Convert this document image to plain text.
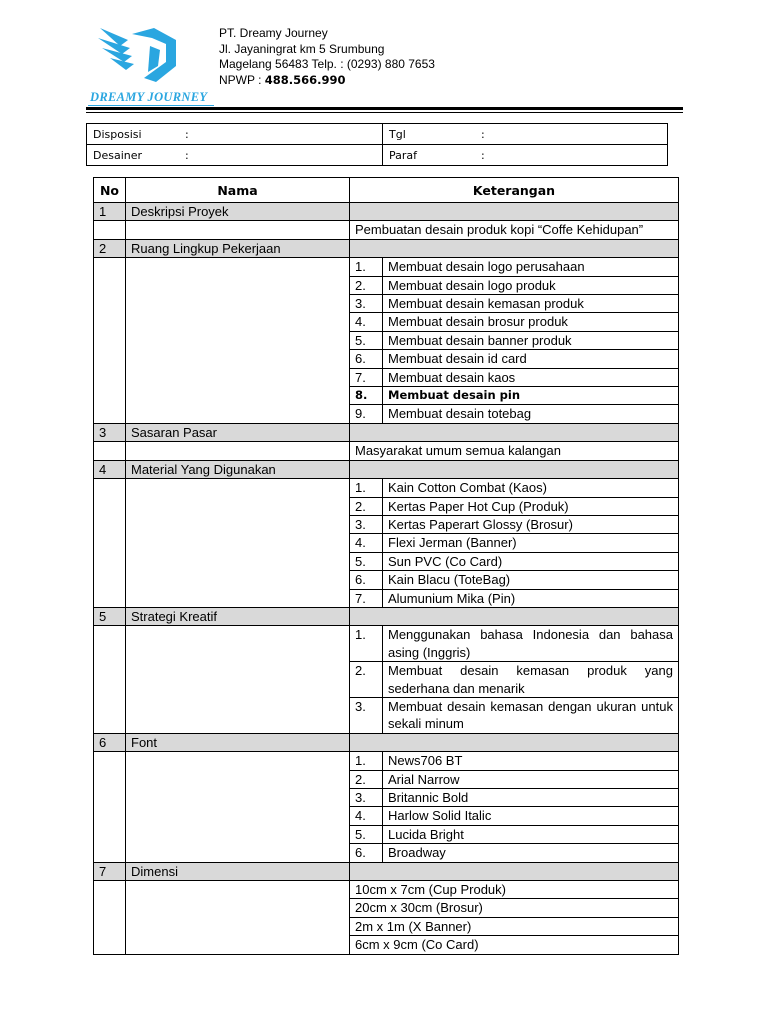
DREAMY JOURNEY
PT. Dreamy Journey
Jl. Jayaningrat km 5 Srumbung
Magelang 56483 Telp. : (0293) 880 7653
NPWP : 488.566.990
Disposisi :	Tgl :
Desainer :	Paraf :
No	Nama	Keterangan	
1	Deskripsi Proyek		
		Pembuatan desain produk kopi “Coffe Kehidupan”	
2	Ruang Lingkup Pekerjaan		
		1.	Membuat desain logo perusahaan
		2.	Membuat desain logo produk
		3.	Membuat desain kemasan produk
		4.	Membuat desain brosur produk
		5.	Membuat desain banner produk
		6.	Membuat desain id card
		7.	Membuat desain kaos
		8.	Membuat desain pin
		9.	Membuat desain totebag
3	Sasaran Pasar		
		Masyarakat umum semua kalangan	
4	Material Yang Digunakan		
		1.	Kain Cotton Combat (Kaos)
		2.	Kertas Paper Hot Cup (Produk)
		3.	Kertas Paperart Glossy (Brosur)
		4.	Flexi Jerman (Banner)
		5.	Sun PVC (Co Card)
		6.	Kain Blacu (ToteBag)
		7.	Alumunium Mika (Pin)
5	Strategi Kreatif		
		1.	Menggunakan bahasa Indonesia dan bahasa asing (Inggris)
		2.	Membuat desain kemasan produk yang sederhana dan menarik
		3.	Membuat desain kemasan dengan ukuran untuk sekali minum
6	Font		
		1.	News706 BT
		2.	Arial Narrow
		3.	Britannic Bold
		4.	Harlow Solid Italic
		5.	Lucida Bright
		6.	Broadway
7	Dimensi		
		10cm x 7cm (Cup Produk)	
		20cm x 30cm (Brosur)	
		2m x 1m (X Banner)	
		6cm x 9cm (Co Card)	
